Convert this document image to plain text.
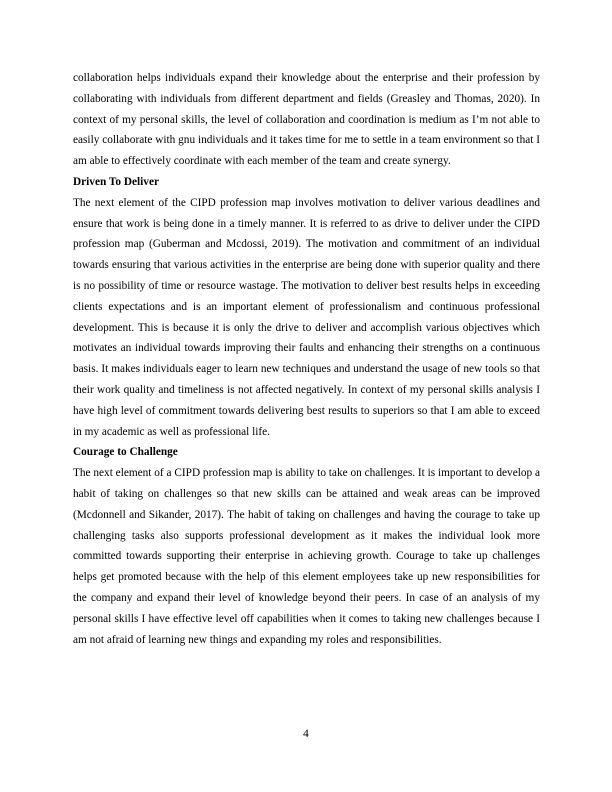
collaboration helps individuals expand their knowledge about the enterprise and their profession by collaborating with individuals from different department and fields (Greasley and Thomas, 2020). In context of my personal skills, the level of collaboration and coordination is medium as I’m not able to easily collaborate with gnu individuals and it takes time for me to settle in a team environment so that I am able to effectively coordinate with each member of the team and create synergy.

Driven To Deliver

The next element of the CIPD profession map involves motivation to deliver various deadlines and ensure that work is being done in a timely manner. It is referred to as drive to deliver under the CIPD profession map (Guberman and Mcdossi, 2019). The motivation and commitment of an individual towards ensuring that various activities in the enterprise are being done with superior quality and there is no possibility of time or resource wastage. The motivation to deliver best results helps in exceeding clients expectations and is an important element of professionalism and continuous professional development. This is because it is only the drive to deliver and accomplish various objectives which motivates an individual towards improving their faults and enhancing their strengths on a continuous basis. It makes individuals eager to learn new techniques and understand the usage of new tools so that their work quality and timeliness is not affected negatively. In context of my personal skills analysis I have high level of commitment towards delivering best results to superiors so that I am able to exceed in my academic as well as professional life.

Courage to Challenge

The next element of a CIPD profession map is ability to take on challenges. It is important to develop a habit of taking on challenges so that new skills can be attained and weak areas can be improved (Mcdonnell and Sikander, 2017). The habit of taking on challenges and having the courage to take up challenging tasks also supports professional development as it makes the individual look more committed towards supporting their enterprise in achieving growth. Courage to take up challenges helps get promoted because with the help of this element employees take up new responsibilities for the company and expand their level of knowledge beyond their peers. In case of an analysis of my personal skills I have effective level off capabilities when it comes to taking new challenges because I am not afraid of learning new things and expanding my roles and responsibilities.

4
